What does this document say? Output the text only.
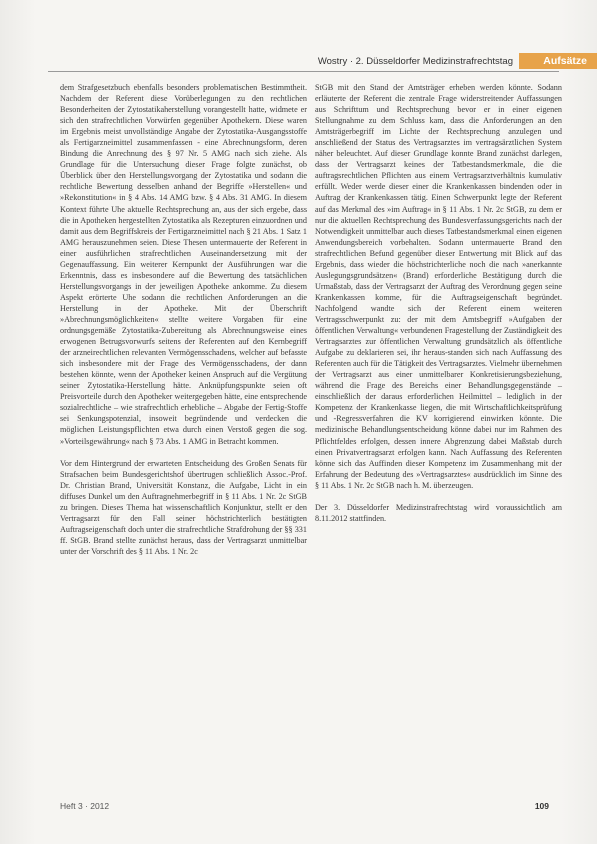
Wostry · 2. Düsseldorfer Medizinstrafrechtstag	Aufsätze

dem Strafgesetzbuch ebenfalls besonders problematischen Bestimmtheit. Nachdem der Referent diese Vorüberlegungen zu den rechtlichen Besonderheiten der Zytostatikaherstellung vorangestellt hatte, widmete er sich den strafrechtlichen Vorwürfen gegenüber Apothekern. Diese waren im Ergebnis meist unvollständige Angabe der Zytostatika-Ausgangsstoffe als Fertigarzneimittel zusammenfassen - eine Abrechnungsform, deren Bindung die Anrechnung des § 97 Nr. 5 AMG nach sich ziehe. Als Grundlage für die Untersuchung dieser Frage folgte zunächst, ob Überblick über den Herstellungsvorgang der Zytostatika und sodann die rechtliche Bewertung desselben anhand der Begriffe »Herstellen« und »Rekonstitution« in § 4 Abs. 14 AMG bzw. § 4 Abs. 31 AMG. In diesem Kontext führte Uhe aktuelle Rechtsprechung an, aus der sich ergebe, dass die in Apotheken hergestellten Zytostatika als Rezepturen einzuordnen und damit aus dem Begriffskreis der Fertigarzneimittel nach § 21 Abs. 1 Satz 1 AMG herauszunehmen seien. Diese Thesen untermauerte der Referent in einer ausführlichen strafrechtlichen Auseinandersetzung mit der Gegenauffassung. Ein weiterer Kernpunkt der Ausführungen war die Erkenntnis, dass es insbesondere auf die Bewertung des tatsächlichen Herstellungsvorgangs in der jeweiligen Apotheke ankomme. Zu diesem Aspekt erörterte Uhe sodann die rechtlichen Anforderungen an die Herstellung in der Apotheke. Mit der Überschrift »Abrechnungsmöglichkeiten« stellte weitere Vorgaben für eine ordnungsgemäße Zytostatika-Zubereitung als Abrechnungsweise eines erwogenen Betrugsvorwurfs seitens der Referenten auf den Kernbegriff der arzneirechtlichen relevanten Vermögensschadens, welcher auf befasste sich insbesondere mit der Frage des Vermögensschadens, der dann bestehen könnte, wenn der Apotheker keinen Anspruch auf die Vergütung seiner Zytostatika-Herstellung hätte. Anknüpfungspunkte seien oft Preisvorteile durch den Apotheker weitergegeben hätte, eine entsprechende sozialrechtliche – wie strafrechtlich erhebliche – Abgabe der Fertig-Stoffe sei Senkungspotenzial, insoweit begründende und verdecken die möglichen Leistungspflichten etwa durch einen Verstoß gegen die sog. »Vorteilsgewährung« nach § 73 Abs. 1 AMG in Betracht kommen.

Vor dem Hintergrund der erwarteten Entscheidung des Großen Senats für Strafsachen beim Bundesgerichtshof übertrugen schließlich Assoc.-Prof. Dr. Christian Brand, Universität Konstanz, die Aufgabe, Licht in ein diffuses Dunkel um den Auftragnehmerbegriff in § 11 Abs. 1 Nr. 2c StGB zu bringen. Dieses Thema hat wissenschaftlich Konjunktur, stellt er den Vertragsarzt für den Fall seiner höchstrichterlich bestätigten Auftragseigenschaft doch unter die strafrechtliche Strafdrohung der §§ 331 ff. StGB. Brand stellte zunächst heraus, dass der Vertragsarzt unmittelbar unter der Vorschrift des § 11 Abs. 1 Nr. 2c

StGB mit den Stand der Amtsträger erheben werden könnte. Sodann erläuterte der Referent die zentrale Frage widerstreitender Auffassungen aus Schrifttum und Rechtsprechung bevor er in einer eigenen Stellungnahme zu dem Schluss kam, dass die Anforderungen an den Amtsträgerbegriff im Lichte der Rechtsprechung anzulegen und anschließend der Status des Vertragsarztes im vertragsärztlichen System näher beleuchtet. Auf dieser Grundlage konnte Brand zunächst darlegen, dass der Vertragsarzt keines der Tatbestandsmerkmale, die die auftragsrechtlichen Pflichten aus einem Vertragsarztverhältnis kumulativ erfüllt. Weder werde dieser einer die Krankenkassen bindenden oder in Auftrag der Krankenkassen tätig. Einen Schwerpunkt legte der Referent auf das Merkmal des »im Auftrag« in § 11 Abs. 1 Nr. 2c StGB, zu dem er nur die aktuellen Rechtsprechung des Bundesverfassungsgerichts nach der Notwendigkeit unmittelbar auch dieses Tatbestandsmerkmal einen eigenen Anwendungsbereich vorbehalten. Sodann untermauerte Brand den strafrechtlichen Befund gegenüber dieser Entwertung mit Blick auf das Ergebnis, dass wieder die höchstrichterliche noch die nach »anerkannte Auslegungsgrundsätzen« (Brand) erforderliche Bestätigung durch die Urmaßstab, dass der Vertragsarzt der Auftrag des Verordnung gegen seine Krankenkassen komme, für die Auftragseigenschaft begründet. Nachfolgend wandte sich der Referent einem weiteren Vertragsschwerpunkt zu: der mit dem Amtsbegriff »Aufgaben der öffentlichen Verwaltung« verbundenen Fragestellung der Zuständigkeit des Vertragsarztes zur öffentlichen Verwaltung grundsätzlich als öffentliche Aufgabe zu deklarieren sei, ihr heraus-standen sich nach Auffassung des Referenten auch für die Tätigkeit des Vertragsarztes. Vielmehr übernehmen der Vertragsarzt aus einer unmittelbarer Konkretisierungsbeziehung, während die Frage des Bereichs einer Behandlungsgegenstände – einschließlich der daraus erforderlichen Heilmittel – lediglich in der Kompetenz der Krankenkasse liegen, die mit Wirtschaftlichkeitsprüfung und -Regressverfahren die KV korrigierend einwirken könnte. Die medizinische Behandlungsentscheidung könne dabei nur im Rahmen des Pflichtfeldes erfolgen, dessen innere Abgrenzung dabei Maßstab durch einen Privatvertragsarzt erfolgen kann. Nach Auffassung des Referenten könne sich das Auffinden dieser Kompetenz im Zusammenhang mit der Erfahrung der Bedeutung des »Vertragsarztes« ausdrücklich im Sinne des § 11 Abs. 1 Nr. 2c StGB nach h. M. überzeugen.

Der 3. Düsseldorfer Medizinstrafrechtstag wird voraussichtlich am 8.11.2012 stattfinden.

Heft 3 · 2012	109
